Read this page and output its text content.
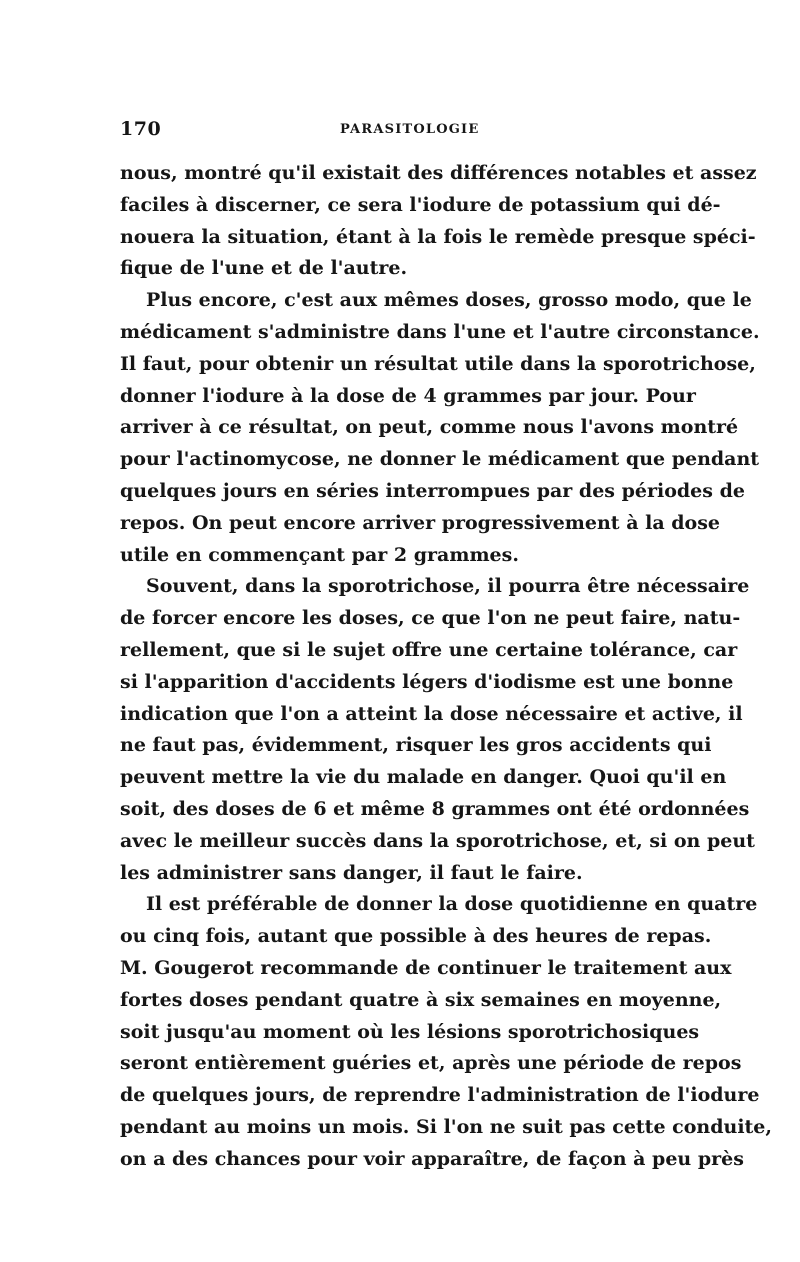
170	PARASITOLOGIE
nous, montré qu'il existait des différences notables et assez
faciles à discerner, ce sera l'iodure de potassium qui dé-
nouera la situation, étant à la fois le remède presque spéci-
fique de l'une et de l'autre.
Plus encore, c'est aux mêmes doses, grosso modo, que le
médicament s'administre dans l'une et l'autre circonstance.
Il faut, pour obtenir un résultat utile dans la sporotrichose,
donner l'iodure à la dose de 4 grammes par jour. Pour
arriver à ce résultat, on peut, comme nous l'avons montré
pour l'actinomycose, ne donner le médicament que pendant
quelques jours en séries interrompues par des périodes de
repos. On peut encore arriver progressivement à la dose
utile en commençant par 2 grammes.
Souvent, dans la sporotrichose, il pourra être nécessaire
de forcer encore les doses, ce que l'on ne peut faire, natu-
rellement, que si le sujet offre une certaine tolérance, car
si l'apparition d'accidents légers d'iodisme est une bonne
indication que l'on a atteint la dose nécessaire et active, il
ne faut pas, évidemment, risquer les gros accidents qui
peuvent mettre la vie du malade en danger. Quoi qu'il en
soit, des doses de 6 et même 8 grammes ont été ordonnées
avec le meilleur succès dans la sporotrichose, et, si on peut
les administrer sans danger, il faut le faire.
Il est préférable de donner la dose quotidienne en quatre
ou cinq fois, autant que possible à des heures de repas.
M. Gougerot recommande de continuer le traitement aux
fortes doses pendant quatre à six semaines en moyenne,
soit jusqu'au moment où les lésions sporotrichosiques
seront entièrement guéries et, après une période de repos
de quelques jours, de reprendre l'administration de l'iodure
pendant au moins un mois. Si l'on ne suit pas cette conduite,
on a des chances pour voir apparaître, de façon à peu près
